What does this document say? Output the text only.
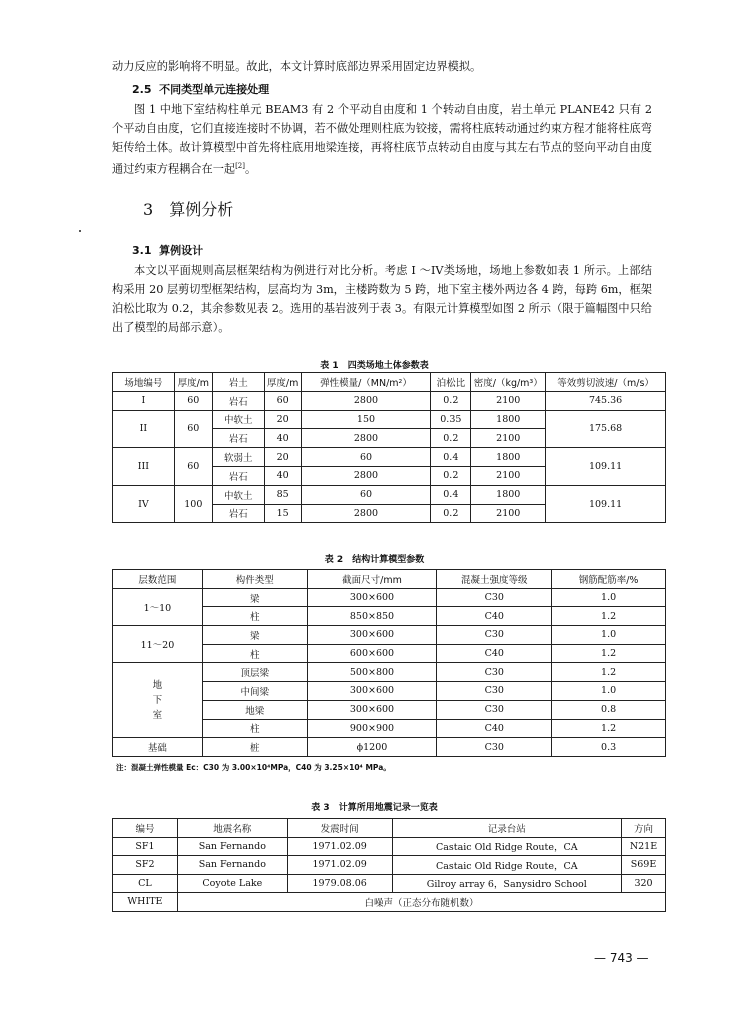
动力反应的影响将不明显。故此，本文计算时底部边界采用固定边界模拟。
2.5 不同类型单元连接处理
图 1 中地下室结构柱单元 BEAM3 有 2 个平动自由度和 1 个转动自由度，岩土单元 PLANE42 只有 2 个平动自由度，它们直接连接时不协调，若不做处理则柱底为铰接，需将柱底转动通过约束方程才能将柱底弯矩传给土体。故计算模型中首先将柱底用地梁连接，再将柱底节点转动自由度与其左右节点的竖向平动自由度通过约束方程耦合在一起[2]。
3 算例分析
3.1 算例设计
本文以平面规则高层框架结构为例进行对比分析。考虑 I ～IV类场地，场地上参数如表 1 所示。上部结构采用 20 层剪切型框架结构，层高均为 3m，主楼跨数为 5 跨，地下室主楼外两边各 4 跨，每跨 6m，框架泊松比取为 0.2，其余参数见表 2。选用的基岩波列于表 3。有限元计算模型如图 2 所示（限于篇幅图中只给出了模型的局部示意）。
表 1　四类场地土体参数表
场地编号	厚度/m	岩土	厚度/m	弹性模量/（MN/m²）	泊松比	密度/（kg/m³）	等效剪切波速/（m/s）
I	60	岩石	60	2800	0.2	2100	745.36
II	60	中软土	20	150	0.35	1800	175.68
		岩石	40	2800	0.2	2100	
III	60	软弱土	20	60	0.4	1800	109.11
		岩石	40	2800	0.2	2100	
IV	100	中软土	85	60	0.4	1800	109.11
		岩石	15	2800	0.2	2100	
表 2　结构计算模型参数
层数范围	构件类型	截面尺寸/mm	混凝土强度等级	钢筋配筋率/%
1～10	梁	300×600	C30	1.0
	柱	850×850	C40	1.2
11～20	梁	300×600	C30	1.0
	柱	600×600	C40	1.2
地下室	顶层梁	500×800	C30	1.2
	中间梁	300×600	C30	1.0
	地梁	300×600	C30	0.8
	柱	900×900	C40	1.2
基础	桩	ϕ1200	C30	0.3
注：混凝土弹性模量 Ec：C30 为 3.00×10⁴MPa，C40 为 3.25×10⁴ MPa。
表 3　计算所用地震记录一览表
编号	地震名称	发震时间	记录台站	方向
SF1	San Fernando	1971.02.09	Castaic Old Ridge Route，CA	N21E
SF2	San Fernando	1971.02.09	Castaic Old Ridge Route，CA	S69E
CL	Coyote Lake	1979.08.06	Gilroy array 6，Sanysidro School	320
WHITE	白噪声（正态分布随机数）			
— 743 —
